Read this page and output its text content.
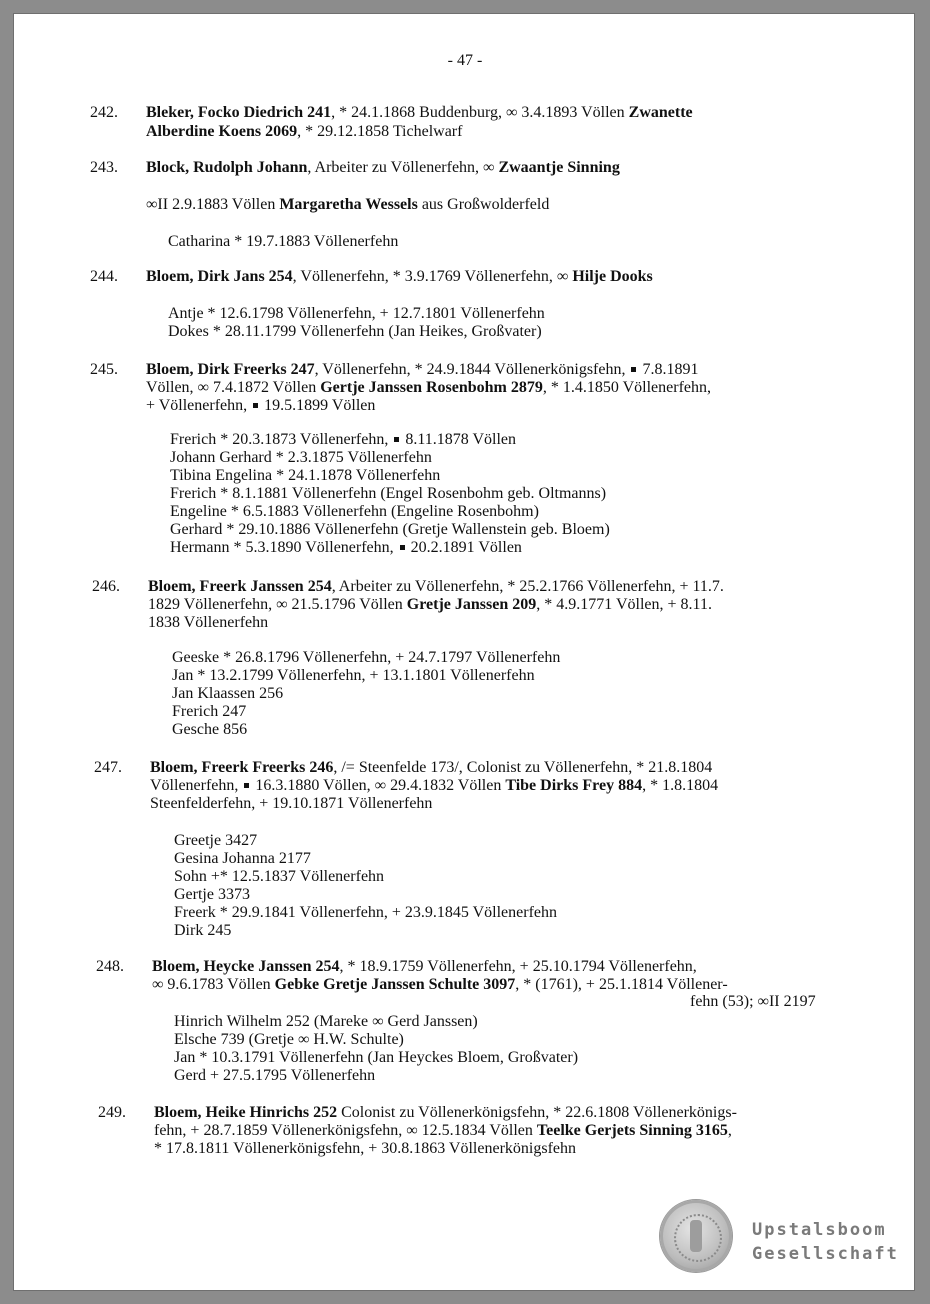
- 47 -
242.	Bleker, Focko Diedrich 241, * 24.1.1868 Buddenburg, ∞ 3.4.1893 Völlen Zwanette
Alberdine Koens 2069, * 29.12.1858 Tichelwarf
243.	Block, Rudolph Johann, Arbeiter zu Völlenerfehn, ∞ Zwaantje Sinning
∞II 2.9.1883 Völlen Margaretha Wessels aus Großwolderfeld
Catharina * 19.7.1883 Völlenerfehn
244.	Bloem, Dirk Jans 254, Völlenerfehn, * 3.9.1769 Völlenerfehn, ∞ Hilje Dooks
Antje * 12.6.1798 Völlenerfehn, + 12.7.1801 Völlenerfehn
Dokes * 28.11.1799 Völlenerfehn (Jan Heikes, Großvater)
245.	Bloem, Dirk Freerks 247, Völlenerfehn, * 24.9.1844 Völlenerkönigsfehn,  7.8.1891
Völlen, ∞ 7.4.1872 Völlen Gertje Janssen Rosenbohm 2879, * 1.4.1850 Völlenerfehn,
+ Völlenerfehn,  19.5.1899 Völlen
Frerich * 20.3.1873 Völlenerfehn,  8.11.1878 Völlen
Johann Gerhard * 2.3.1875 Völlenerfehn
Tibina Engelina * 24.1.1878 Völlenerfehn
Frerich * 8.1.1881 Völlenerfehn (Engel Rosenbohm geb. Oltmanns)
Engeline * 6.5.1883 Völlenerfehn (Engeline Rosenbohm)
Gerhard * 29.10.1886 Völlenerfehn (Gretje Wallenstein geb. Bloem)
Hermann * 5.3.1890 Völlenerfehn,  20.2.1891 Völlen
246.	Bloem, Freerk Janssen 254, Arbeiter zu Völlenerfehn, * 25.2.1766 Völlenerfehn, + 11.7.
1829 Völlenerfehn, ∞ 21.5.1796 Völlen Gretje Janssen 209, * 4.9.1771 Völlen, + 8.11.
1838 Völlenerfehn
Geeske * 26.8.1796 Völlenerfehn, + 24.7.1797 Völlenerfehn
Jan * 13.2.1799 Völlenerfehn, + 13.1.1801 Völlenerfehn
Jan Klaassen 256
Frerich 247
Gesche 856
247.	Bloem, Freerk Freerks 246, /= Steenfelde 173/, Colonist zu Völlenerfehn, * 21.8.1804
Völlenerfehn,  16.3.1880 Völlen, ∞ 29.4.1832 Völlen Tibe Dirks Frey 884, * 1.8.1804
Steenfelderfehn, + 19.10.1871 Völlenerfehn
Greetje 3427
Gesina Johanna 2177
Sohn +* 12.5.1837 Völlenerfehn
Gertje 3373
Freerk * 29.9.1841 Völlenerfehn, + 23.9.1845 Völlenerfehn
Dirk 245
248.	Bloem, Heycke Janssen 254, * 18.9.1759 Völlenerfehn, + 25.10.1794 Völlenerfehn,
∞ 9.6.1783 Völlen Gebke Gretje Janssen Schulte 3097, * (1761), + 25.1.1814 Völlener-
fehn (53); ∞II 2197
Hinrich Wilhelm 252 (Mareke ∞ Gerd Janssen)
Elsche 739 (Gretje ∞ H.W. Schulte)
Jan * 10.3.1791 Völlenerfehn (Jan Heyckes Bloem, Großvater)
Gerd + 27.5.1795 Völlenerfehn
249.	Bloem, Heike Hinrichs 252 Colonist zu Völlenerkönigsfehn, * 22.6.1808 Völlenerkönigs-
fehn, + 28.7.1859 Völlenerkönigsfehn, ∞ 12.5.1834 Völlen Teelke Gerjets Sinning 3165,
* 17.8.1811 Völlenerkönigsfehn, + 30.8.1863 Völlenerkönigsfehn
Upstalsboom
Gesellschaft
